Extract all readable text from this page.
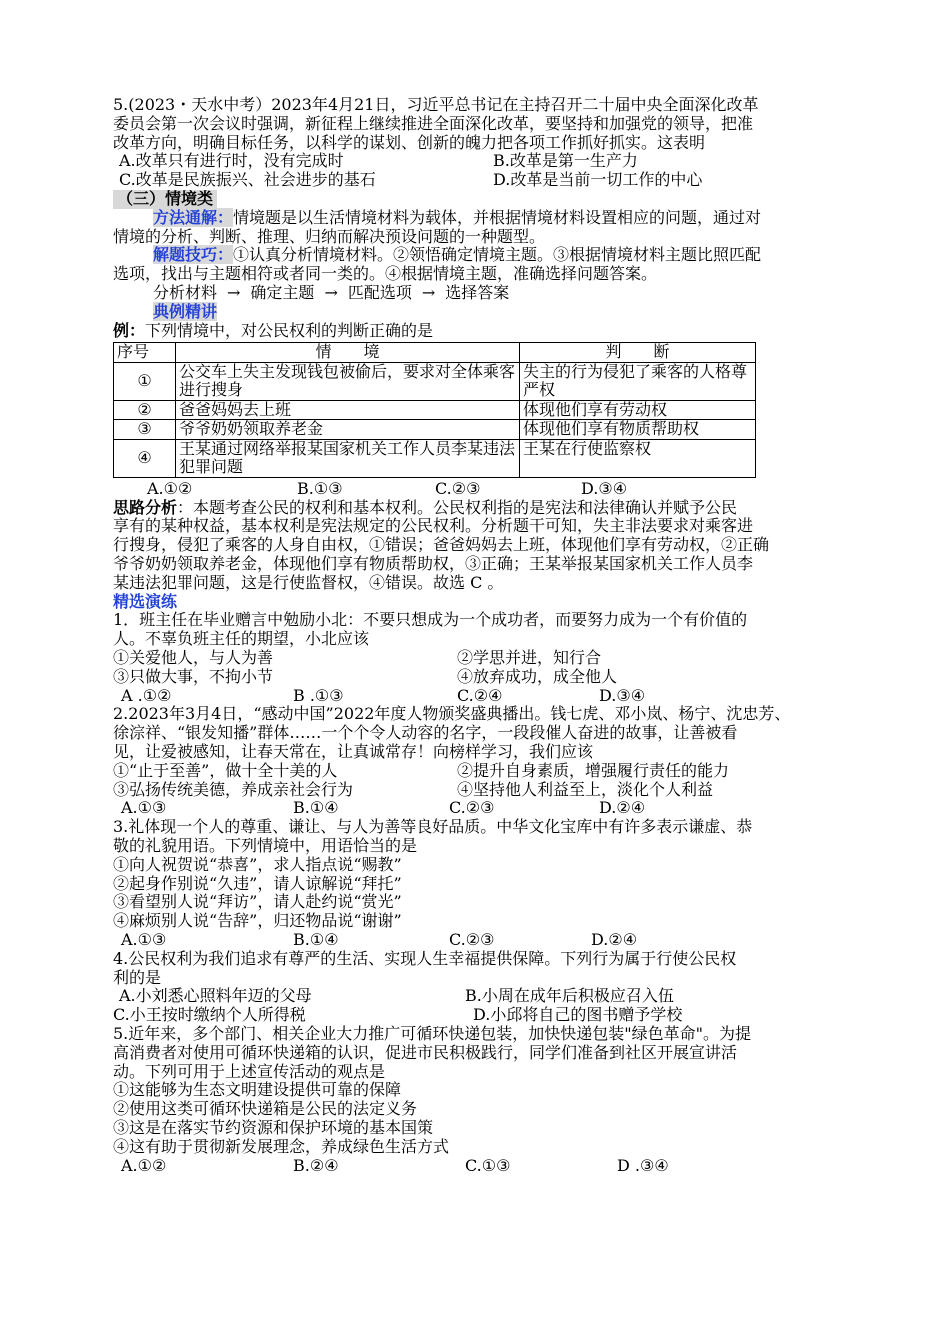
5.(2023・天水中考）2023年4月21日，习近平总书记在主持召开二十届中央全面深化改革
委员会第一次会议时强调，新征程上继续推进全面深化改革，要坚持和加强党的领导，把准
改革方向，明确目标任务，以科学的谋划、创新的魄力把各项工作抓好抓实。这表明
A.改革只有进行时，没有完成时	B.改革是第一生产力
C.改革是民族振兴、社会进步的基石	D.改革是当前一切工作的中心
（三）情境类
方法通解：情境题是以生活情境材料为载体，并根据情境材料设置相应的问题，通过对
情境的分析、判断、推理、归纳而解决预设问题的一种题型。
解题技巧：①认真分析情境材料。②领悟确定情境主题。③根据情境材料主题比照匹配
选项，找出与主题相符或者同一类的。④根据情境主题，准确选择问题答案。
分析材料 → 确定主题 → 匹配选项 → 选择答案
典例精讲
例：下列情境中，对公民权利的判断正确的是
序号	情　　境	判　　断
①	公交车上失主发现钱包被偷后，要求对全体乘客进行搜身	失主的行为侵犯了乘客的人格尊严权
②	爸爸妈妈去上班	体现他们享有劳动权
③	爷爷奶奶领取养老金	体现他们享有物质帮助权
④	王某通过网络举报某国家机关工作人员李某违法犯罪问题	王某在行使监察权
A.①②	B.①③	C.②③	D.③④
思路分析：本题考查公民的权利和基本权利。公民权利指的是宪法和法律确认并赋予公民
享有的某种权益，基本权利是宪法规定的公民权利。分析题干可知，失主非法要求对乘客进
行搜身，侵犯了乘客的人身自由权，①错误；爸爸妈妈去上班，体现他们享有劳动权，②正确
爷爷奶奶领取养老金，体现他们享有物质帮助权，③正确；王某举报某国家机关工作人员李
某违法犯罪问题，这是行使监督权，④错误。故选 C 。
精选演练
1．班主任在毕业赠言中勉励小北：不要只想成为一个成功者，而要努力成为一个有价值的
人。不辜负班主任的期望，小北应该
①关爱他人，与人为善	②学思并进，知行合
③只做大事，不拘小节	④放弃成功，成全他人
A .①②	B .①③	C.②④	D.③④
2.2023年3月4日，“感动中国”2022年度人物颁奖盛典播出。钱七虎、邓小岚、杨宁、沈忠芳、
徐淙祥、“银发知播”群体……一个个令人动容的名字，一段段催人奋进的故事，让善被看
见，让爱被感知，让春天常在，让真诚常存！向榜样学习，我们应该
①“止于至善”，做十全十美的人	②提升自身素质，增强履行责任的能力
③弘扬传统美德，养成亲社会行为	④坚持他人利益至上，淡化个人利益
A.①③	B.①④	C.②③	D.②④
3.礼体现一个人的尊重、谦让、与人为善等良好品质。中华文化宝库中有许多表示谦虚、恭
敬的礼貌用语。下列情境中，用语恰当的是
①向人祝贺说“恭喜”，求人指点说“赐教”
②起身作别说“久违”，请人谅解说“拜托”
③看望别人说“拜访”，请人赴约说“赏光”
④麻烦别人说“告辞”，归还物品说“谢谢”
A.①③	B.①④	C.②③	D.②④
4.公民权利为我们追求有尊严的生活、实现人生幸福提供保障。下列行为属于行使公民权
利的是
A.小刘悉心照料年迈的父母	B.小周在成年后积极应召入伍
C.小王按时缴纳个人所得税	D.小邱将自己的图书赠予学校
5.近年来，多个部门、相关企业大力推广可循环快递包装，加快快递包装"绿色革命"。为提
高消费者对使用可循环快递箱的认识，促进市民积极践行，同学们准备到社区开展宣讲活
动。下列可用于上述宣传活动的观点是
①这能够为生态文明建设提供可靠的保障
②使用这类可循环快递箱是公民的法定义务
③这是在落实节约资源和保护环境的基本国策
④这有助于贯彻新发展理念，养成绿色生活方式
A.①②	B.②④	C.①③	D .③④
